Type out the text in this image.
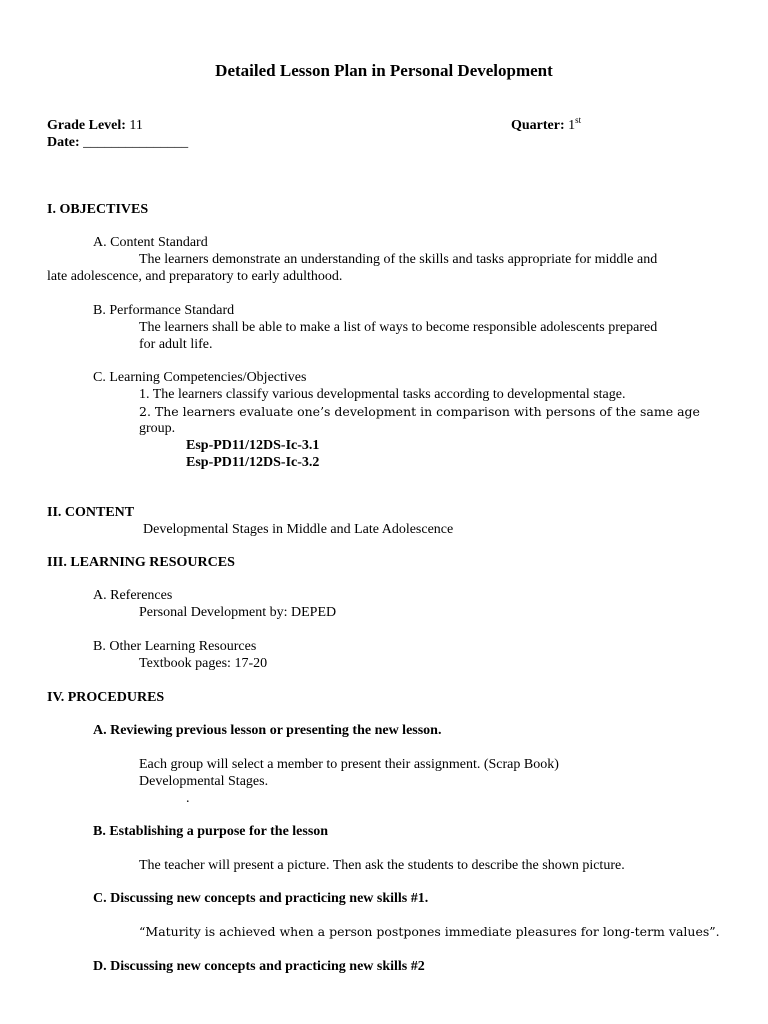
Detailed Lesson Plan in Personal Development
Grade Level: 11	Quarter: 1st
Date: _______________
I. OBJECTIVES
A. Content Standard
The learners demonstrate an understanding of the skills and tasks appropriate for middle and
late adolescence, and preparatory to early adulthood.
B. Performance Standard
The learners shall be able to make a list of ways to become responsible adolescents prepared
for adult life.
C. Learning Competencies/Objectives
1. The learners classify various developmental tasks according to developmental stage.
2. The learners evaluate one’s development in comparison with persons of the same age
group.
Esp-PD11/12DS-Ic-3.1
Esp-PD11/12DS-Ic-3.2
II. CONTENT
Developmental Stages in Middle and Late Adolescence
III. LEARNING RESOURCES
A. References
Personal Development by: DEPED
B. Other Learning Resources
Textbook pages: 17-20
IV. PROCEDURES
A. Reviewing previous lesson or presenting the new lesson.
Each group will select a member to present their assignment. (Scrap Book)
Developmental Stages.
.
B. Establishing a purpose for the lesson
The teacher will present a picture. Then ask the students to describe the shown picture.
C. Discussing new concepts and practicing new skills #1.
“Maturity is achieved when a person postpones immediate pleasures for long-term values”.
D. Discussing new concepts and practicing new skills #2
